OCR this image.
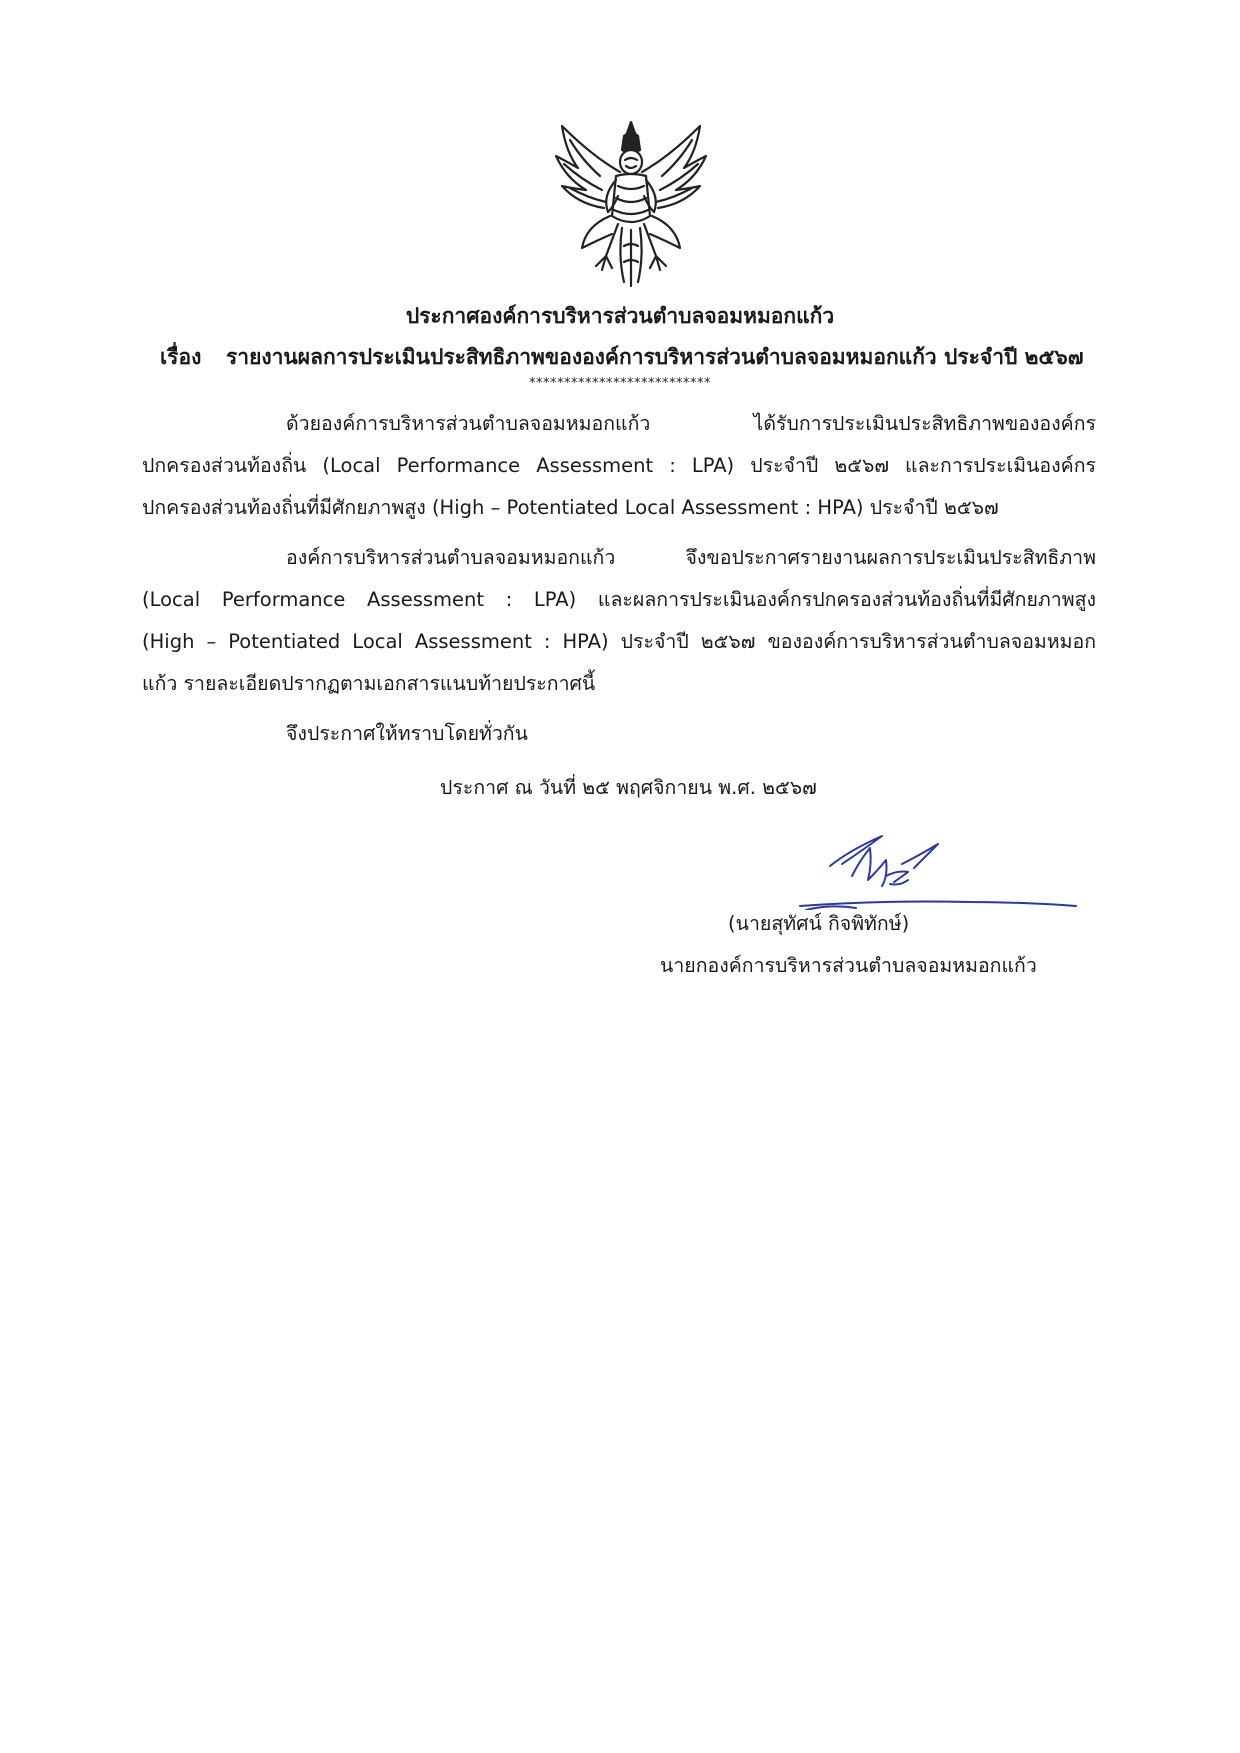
ประกาศองค์การบริหารส่วนตำบลจอมหมอกแก้ว
เรื่อง รายงานผลการประเมินประสิทธิภาพขององค์การบริหารส่วนตำบลจอมหมอกแก้ว ประจำปี ๒๕๖๗
**************************
ด้วยองค์การบริหารส่วนตำบลจอมหมอกแก้ว ได้รับการประเมินประสิทธิภาพขององค์กร
ปกครองส่วนท้องถิ่น (Local Performance Assessment : LPA) ประจำปี ๒๕๖๗ และการประเมินองค์กร
ปกครองส่วนท้องถิ่นที่มีศักยภาพสูง (High – Potentiated Local Assessment : HPA) ประจำปี ๒๕๖๗
องค์การบริหารส่วนตำบลจอมหมอกแก้ว จึงขอประกาศรายงานผลการประเมินประสิทธิภาพ
(Local Performance Assessment : LPA) และผลการประเมินองค์กรปกครองส่วนท้องถิ่นที่มีศักยภาพสูง
(High – Potentiated Local Assessment : HPA) ประจำปี ๒๕๖๗ ขององค์การบริหารส่วนตำบลจอมหมอก
แก้ว รายละเอียดปรากฏตามเอกสารแนบท้ายประกาศนี้
จึงประกาศให้ทราบโดยทั่วกัน
ประกาศ ณ วันที่ ๒๕ พฤศจิกายน พ.ศ. ๒๕๖๗
(นายสุทัศน์ กิจพิทักษ์)
นายกองค์การบริหารส่วนตำบลจอมหมอกแก้ว
